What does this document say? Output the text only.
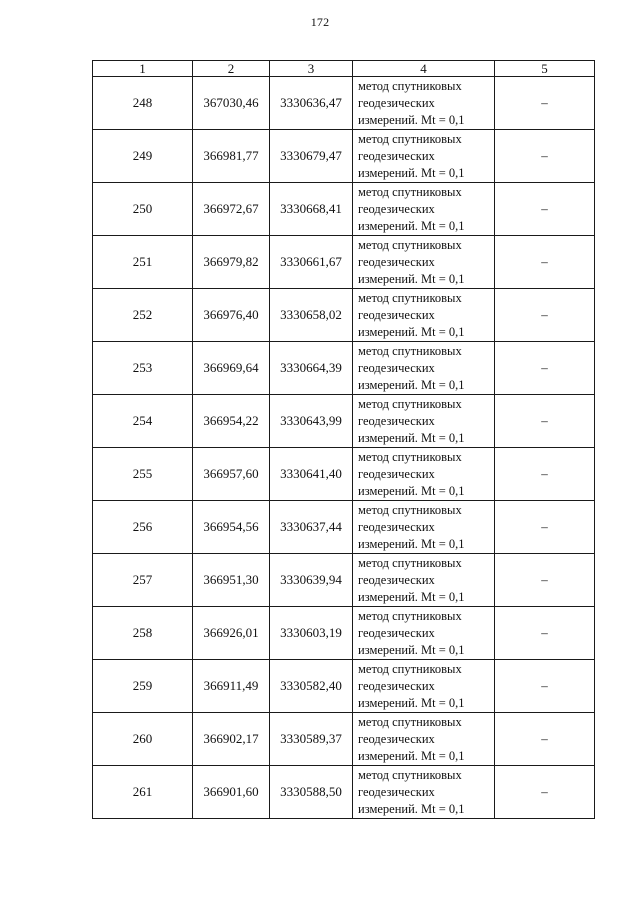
172
1	2	3	4	5
248	367030,46	3330636,47	метод спутниковых
геодезических
измерений. Mt = 0,1	–
249	366981,77	3330679,47	метод спутниковых
геодезических
измерений. Mt = 0,1	–
250	366972,67	3330668,41	метод спутниковых
геодезических
измерений. Mt = 0,1	–
251	366979,82	3330661,67	метод спутниковых
геодезических
измерений. Mt = 0,1	–
252	366976,40	3330658,02	метод спутниковых
геодезических
измерений. Mt = 0,1	–
253	366969,64	3330664,39	метод спутниковых
геодезических
измерений. Mt = 0,1	–
254	366954,22	3330643,99	метод спутниковых
геодезических
измерений. Mt = 0,1	–
255	366957,60	3330641,40	метод спутниковых
геодезических
измерений. Mt = 0,1	–
256	366954,56	3330637,44	метод спутниковых
геодезических
измерений. Mt = 0,1	–
257	366951,30	3330639,94	метод спутниковых
геодезических
измерений. Mt = 0,1	–
258	366926,01	3330603,19	метод спутниковых
геодезических
измерений. Mt = 0,1	–
259	366911,49	3330582,40	метод спутниковых
геодезических
измерений. Mt = 0,1	–
260	366902,17	3330589,37	метод спутниковых
геодезических
измерений. Mt = 0,1	–
261	366901,60	3330588,50	метод спутниковых
геодезических
измерений. Mt = 0,1	–
